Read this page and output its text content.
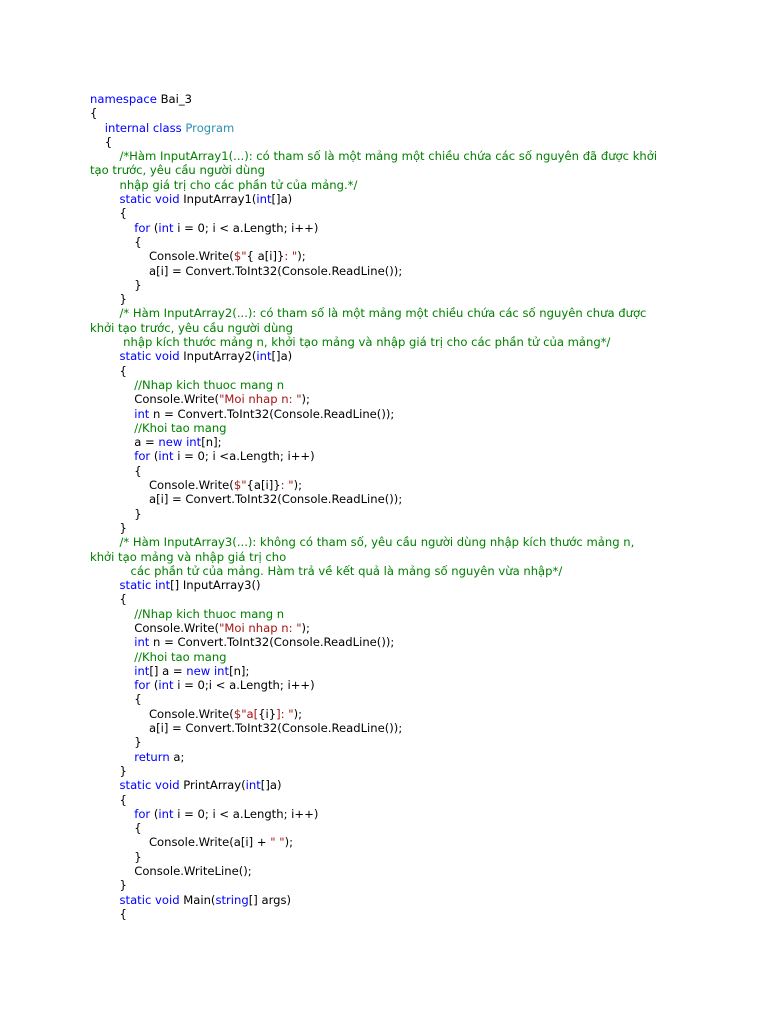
namespace Bai_3
{
internal class Program
{
/*Hàm InputArray1(...): có tham số là một mảng một chiều chứa các số nguyên đã được khởi
tạo trước, yêu cầu người dùng
nhập giá trị cho các phần tử của mảng.*/
static void InputArray1(int[]a)
{
for (int i = 0; i < a.Length; i++)
{
Console.Write($"{ a[i]}: ");
a[i] = Convert.ToInt32(Console.ReadLine());
}
}
/* Hàm InputArray2(...): có tham số là một mảng một chiều chứa các số nguyên chưa được
khởi tạo trước, yêu cầu người dùng
nhập kích thước mảng n, khởi tạo mảng và nhập giá trị cho các phần tử của mảng*/
static void InputArray2(int[]a)
{
//Nhap kich thuoc mang n
Console.Write("Moi nhap n: ");
int n = Convert.ToInt32(Console.ReadLine());
//Khoi tao mang
a = new int[n];
for (int i = 0; i <a.Length; i++)
{
Console.Write($"{a[i]}: ");
a[i] = Convert.ToInt32(Console.ReadLine());
}
}
/* Hàm InputArray3(...): không có tham số, yêu cầu người dùng nhập kích thước mảng n,
khởi tạo mảng và nhập giá trị cho
các phần tử của mảng. Hàm trả về kết quả là mảng số nguyên vừa nhập*/
static int[] InputArray3()
{
//Nhap kich thuoc mang n
Console.Write("Moi nhap n: ");
int n = Convert.ToInt32(Console.ReadLine());
//Khoi tao mang
int[] a = new int[n];
for (int i = 0;i < a.Length; i++)
{
Console.Write($"a[{i}]: ");
a[i] = Convert.ToInt32(Console.ReadLine());
}
return a;
}
static void PrintArray(int[]a)
{
for (int i = 0; i < a.Length; i++)
{
Console.Write(a[i] + " ");
}
Console.WriteLine();
}
static void Main(string[] args)
{
